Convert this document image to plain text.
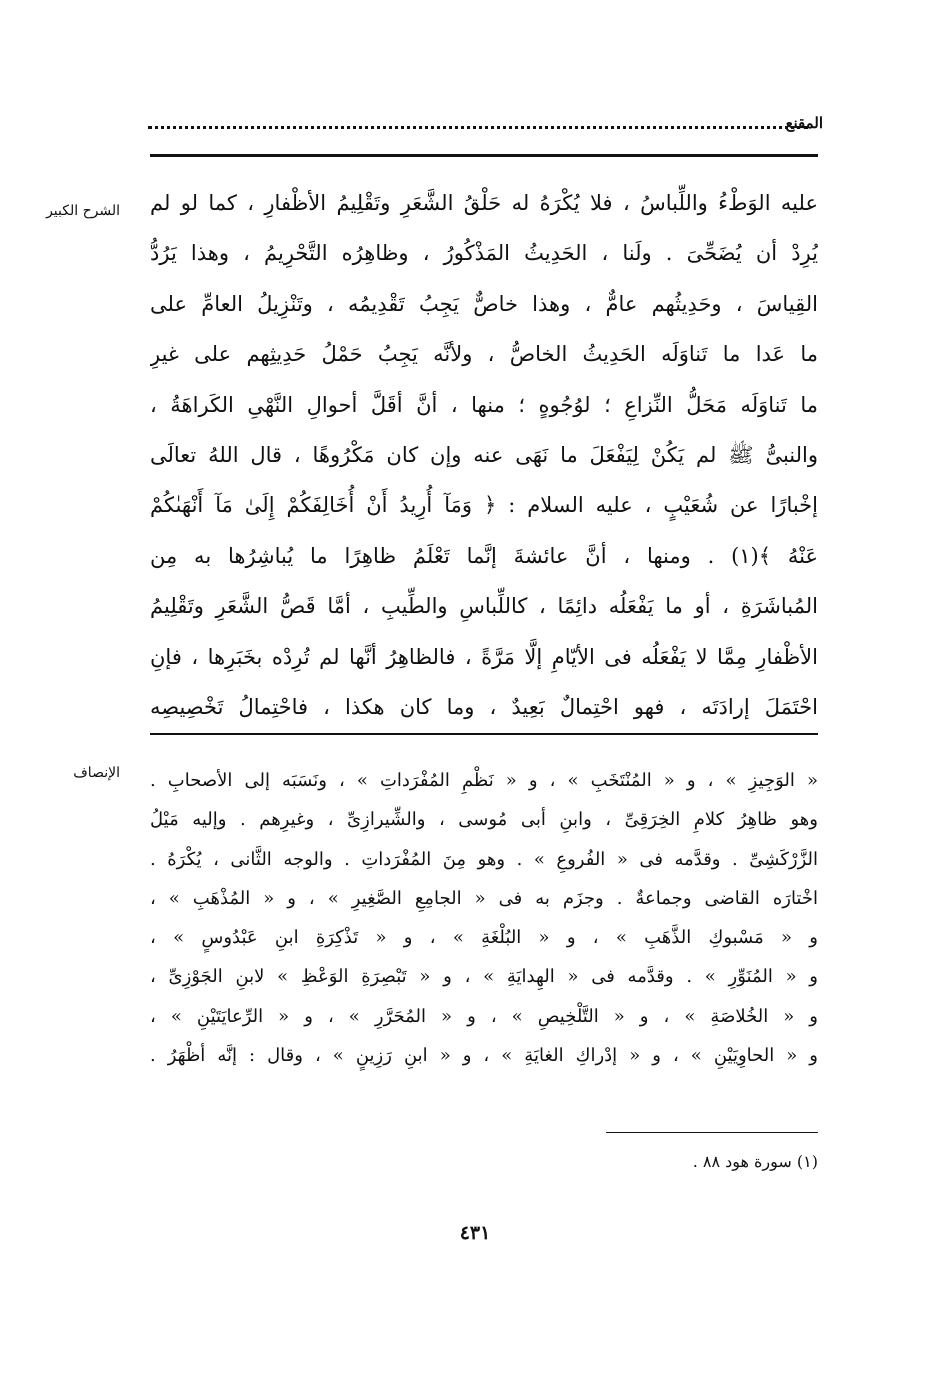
المقنع
الشرح الكبير
الإنصاف
عليه الوَطْءُ واللِّباسُ ، فلا يُكْرَهُ له حَلْقُ الشَّعَرِ وتَقْلِيمُ الأظْفارِ ، كما لو لم
يُرِدْ أن يُضَحِّىَ . ولَنا ، الحَدِيثُ المَذْكُورُ ، وظاهِرُه التَّحْرِيمُ ، وهذا يَرُدُّ
القِياسَ ، وحَدِيثُهم عامٌّ ، وهذا خاصٌّ يَجِبُ تَقْدِيمُه ، وتَنْزِيلُ العامِّ على
ما عَدا ما تَناوَلَه الحَدِيثُ الخاصُّ ، ولأنَّه يَجِبُ حَمْلُ حَدِيثِهم على غيرِ
ما تَناوَلَه مَحَلُّ النِّزاعِ ؛ لوُجُوهٍ ؛ منها ، أنَّ أقَلَّ أحوالِ النَّهْىِ الكَراهَةُ ،
والنبىُّ ﷺ لم يَكُنْ لِيَفْعَلَ ما نَهَى عنه وإن كان مَكْرُوهًا ، قال اللهُ تعالَى
إخْبارًا عن شُعَيْبٍ ، عليه السلام : ﴿ وَمَآ أُرِيدُ أَنْ أُخَالِفَكُمْ إِلَىٰ مَآ أَنْهَىٰكُمْ
عَنْهُ ﴾(١) . ومنها ، أنَّ عائشةَ إنَّما تَعْلَمُ ظاهِرًا ما يُباشِرُها به مِن
المُباشَرَةِ ، أو ما يَفْعَلُه دائِمًا ، كاللِّباسِ والطِّيبِ ، أمَّا قَصُّ الشَّعَرِ وتَقْلِيمُ
الأظْفارِ مِمَّا لا يَفْعَلُه فى الأيّامِ إلَّا مَرَّةً ، فالظاهِرُ أنَّها لم تُرِدْه بخَبَرِها ، فإنِ
احْتَمَلَ إرادَتَه ، فهو احْتِمالٌ بَعِيدٌ ، وما كان هكذا ، فاحْتِمالُ تَخْصِيصِه
« الوَجِيزِ » ، و « المُنْتَخَبِ » ، و « نَظْمِ المُفْرَداتِ » ، ونَسَبَه إلى الأصحابِ .
وهو ظاهِرُ كلامِ الخِرَقِىِّ ، وابنِ أبى مُوسى ، والشِّيرازِىِّ ، وغيرِهم . وإليه مَيْلُ
الزَّرْكَشِىِّ . وقدَّمه فى « الفُروعِ » . وهو مِنَ المُفْرَداتِ . والوجه الثَّانى ، يُكْرَهُ .
اخْتارَه القاضى وجماعةٌ . وجزَم به فى « الجامِعِ الصَّغِيرِ » ، و « المُذْهَبِ » ،
و « مَسْبوكِ الذَّهَبِ » ، و « البُلْغَةِ » ، و « تَذْكِرَةِ ابنِ عَبْدُوسٍ » ،
و « المُنَوِّرِ » . وقدَّمه فى « الهِدايَةِ » ، و « تَبْصِرَةِ الوَعْظِ » لابنِ الجَوْزِىِّ ،
و « الخُلاصَةِ » ، و « التَّلْخِيصِ » ، و « المُحَرَّرِ » ، و « الرِّعايَتَيْنِ » ،
و « الحاوِيَيْنِ » ، و « إدْراكِ الغايَةِ » ، و « ابنِ رَزِينٍ » ، وقال : إنَّه أظْهَرُ .
(١) سورة هود ٨٨ .
٤٣١
